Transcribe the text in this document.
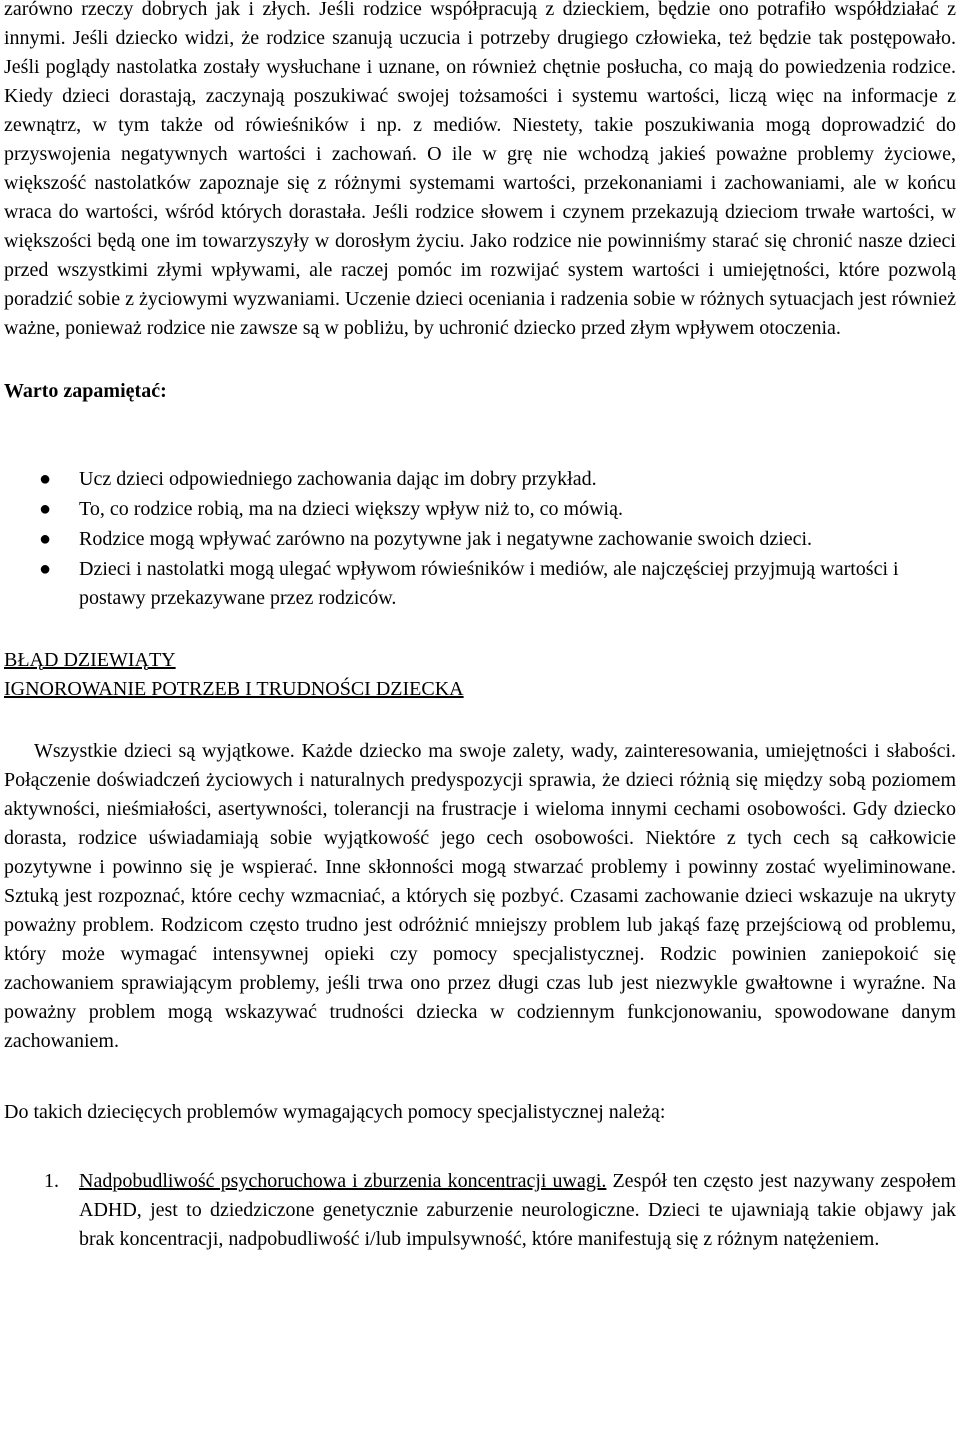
zarówno rzeczy dobrych jak i złych. Jeśli rodzice współpracują z dzieckiem, będzie ono potrafiło współdziałać z innymi. Jeśli dziecko widzi, że rodzice szanują uczucia i potrzeby drugiego człowieka, też będzie tak postępowało. Jeśli poglądy nastolatka zostały wysłuchane i uznane, on również chętnie posłucha, co mają do powiedzenia rodzice. Kiedy dzieci dorastają, zaczynają poszukiwać swojej tożsamości i systemu wartości, liczą więc na informacje z zewnątrz, w tym także od rówieśników i np. z mediów. Niestety, takie poszukiwania mogą doprowadzić do przyswojenia negatywnych wartości i zachowań. O ile w grę nie wchodzą jakieś poważne problemy życiowe, większość nastolatków zapoznaje się z różnymi systemami wartości, przekonaniami i zachowaniami, ale w końcu wraca do wartości, wśród których dorastała. Jeśli rodzice słowem i czynem przekazują dzieciom trwałe wartości, w większości będą one im towarzyszyły w dorosłym życiu. Jako rodzice nie powinniśmy starać się chronić nasze dzieci przed wszystkimi złymi wpływami, ale raczej pomóc im rozwijać system wartości i umiejętności, które pozwolą poradzić sobie z życiowymi wyzwaniami. Uczenie dzieci oceniania i radzenia sobie w różnych sytuacjach jest również ważne, ponieważ rodzice nie zawsze są w pobliżu, by uchronić dziecko przed złym wpływem otoczenia.

Warto zapamiętać:

● Ucz dzieci odpowiedniego zachowania dając im dobry przykład.
● To, co rodzice robią, ma na dzieci większy wpływ niż to, co mówią.
● Rodzice mogą wpływać zarówno na pozytywne jak i negatywne zachowanie swoich dzieci.
● Dzieci i nastolatki mogą ulegać wpływom rówieśników i mediów, ale najczęściej przyjmują wartości i postawy przekazywane przez rodziców.
BŁĄD DZIEWIĄTY
IGNOROWANIE POTRZEB I TRUDNOŚCI DZIECKA

Wszystkie dzieci są wyjątkowe. Każde dziecko ma swoje zalety, wady, zainteresowania, umiejętności i słabości. Połączenie doświadczeń życiowych i naturalnych predyspozycji sprawia, że dzieci różnią się między sobą poziomem aktywności, nieśmiałości, asertywności, tolerancji na frustracje i wieloma innymi cechami osobowości. Gdy dziecko dorasta, rodzice uświadamiają sobie wyjątkowość jego cech osobowości. Niektóre z tych cech są całkowicie pozytywne i powinno się je wspierać. Inne skłonności mogą stwarzać problemy i powinny zostać wyeliminowane. Sztuką jest rozpoznać, które cechy wzmacniać, a których się pozbyć. Czasami zachowanie dzieci wskazuje na ukryty poważny problem. Rodzicom często trudno jest odróżnić mniejszy problem lub jakąś fazę przejściową od problemu, który może wymagać intensywnej opieki czy pomocy specjalistycznej. Rodzic powinien zaniepokoić się zachowaniem sprawiającym problemy, jeśli trwa ono przez długi czas lub jest niezwykle gwałtowne i wyraźne. Na poważny problem mogą wskazywać trudności dziecka w codziennym funkcjonowaniu, spowodowane danym zachowaniem.

Do takich dziecięcych problemów wymagających pomocy specjalistycznej należą:

1. Nadpobudliwość psychoruchowa i zburzenia koncentracji uwagi. Zespół ten często jest nazywany zespołem ADHD, jest to dziedziczone genetycznie zaburzenie neurologiczne. Dzieci te ujawniają takie objawy jak brak koncentracji, nadpobudliwość i/lub impulsywność, które manifestują się z różnym natężeniem.
